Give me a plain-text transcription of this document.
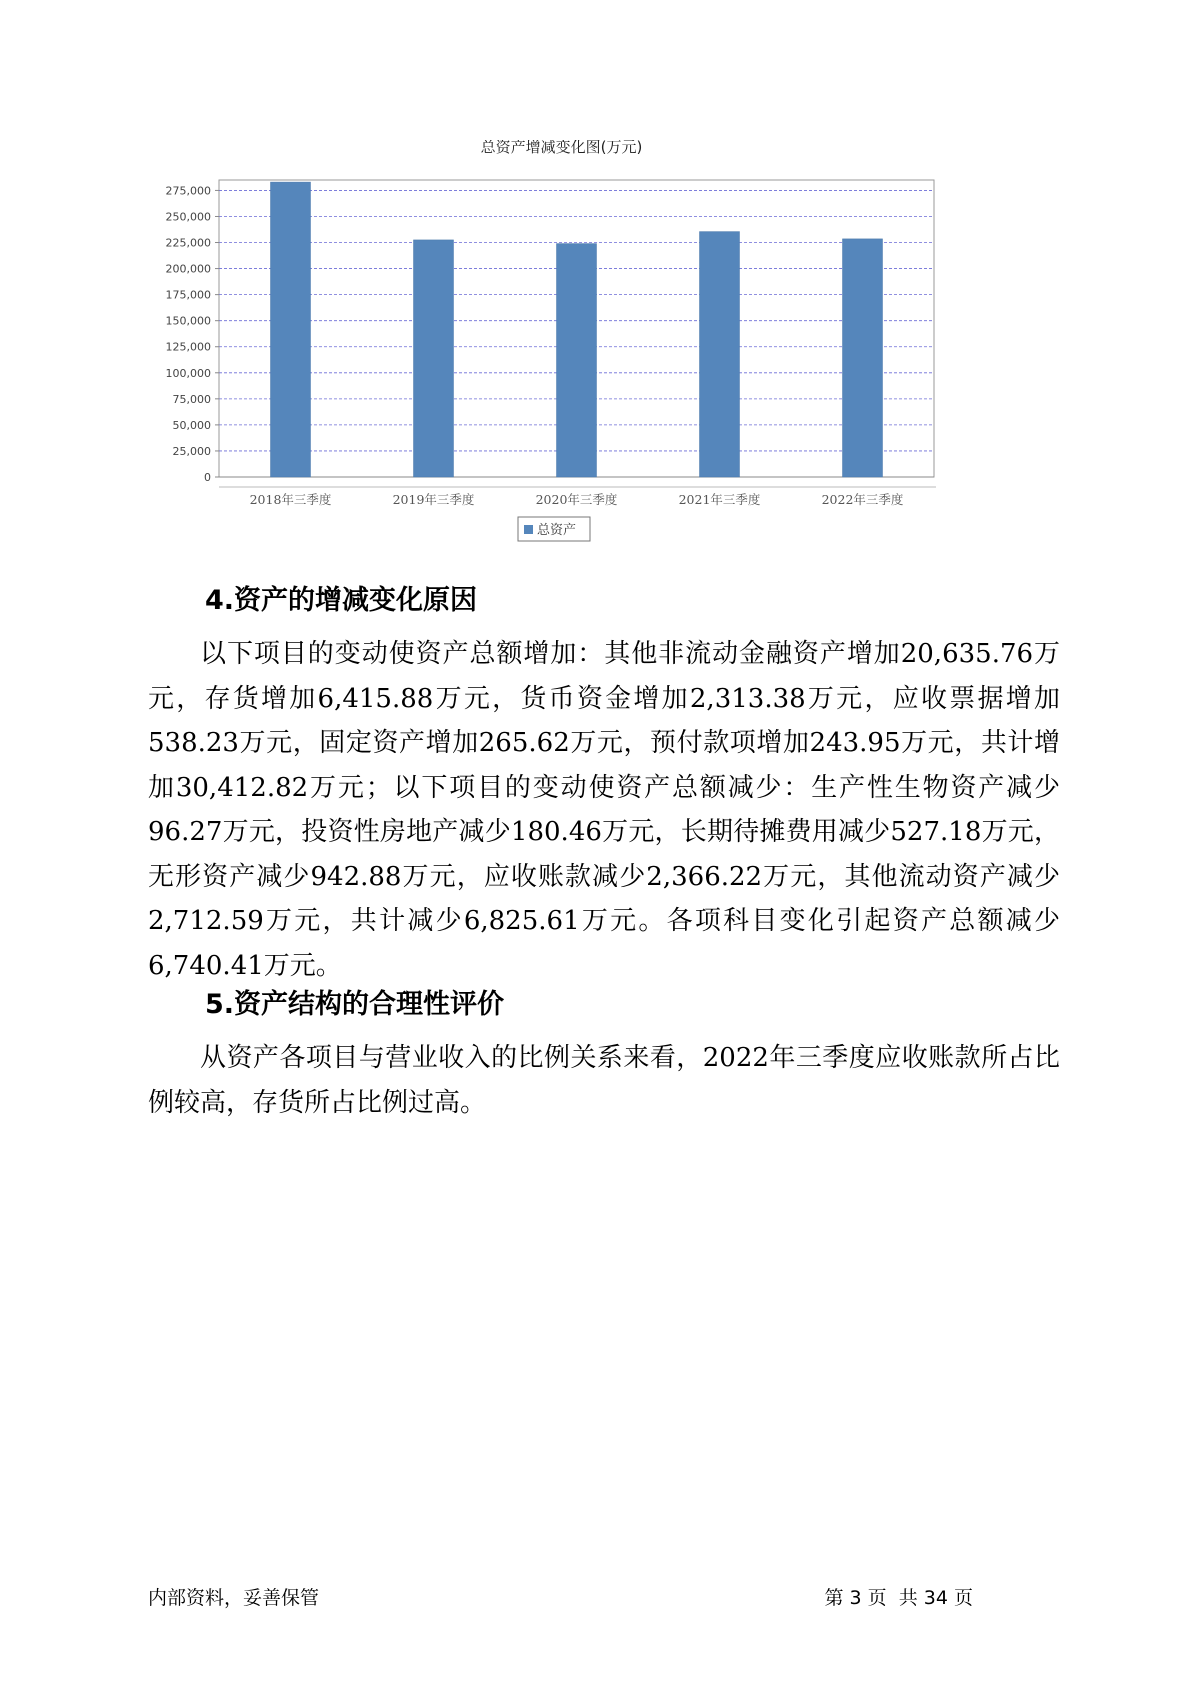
总资产增减变化图(万元)
0
25,000
50,000
75,000
100,000
125,000
150,000
175,000
200,000
225,000
250,000
275,000
2018年三季度	2019年三季度	2020年三季度	2021年三季度	2022年三季度
总资产
4.资产的增减变化原因

以下项目的变动使资产总额增加：其他非流动金融资产增加20,635.76万元，存货增加6,415.88万元，货币资金增加2,313.38万元，应收票据增加538.23万元，固定资产增加265.62万元，预付款项增加243.95万元，共计增加30,412.82万元；以下项目的变动使资产总额减少：生产性生物资产减少96.27万元，投资性房地产减少180.46万元，长期待摊费用减少527.18万元，无形资产减少942.88万元，应收账款减少2,366.22万元，其他流动资产减少2,712.59万元，共计减少6,825.61万元。各项科目变化引起资产总额减少6,740.41万元。

5.资产结构的合理性评价

从资产各项目与营业收入的比例关系来看，2022年三季度应收账款所占比例较高，存货所占比例过高。

内部资料，妥善保管	第 3 页  共 34 页
